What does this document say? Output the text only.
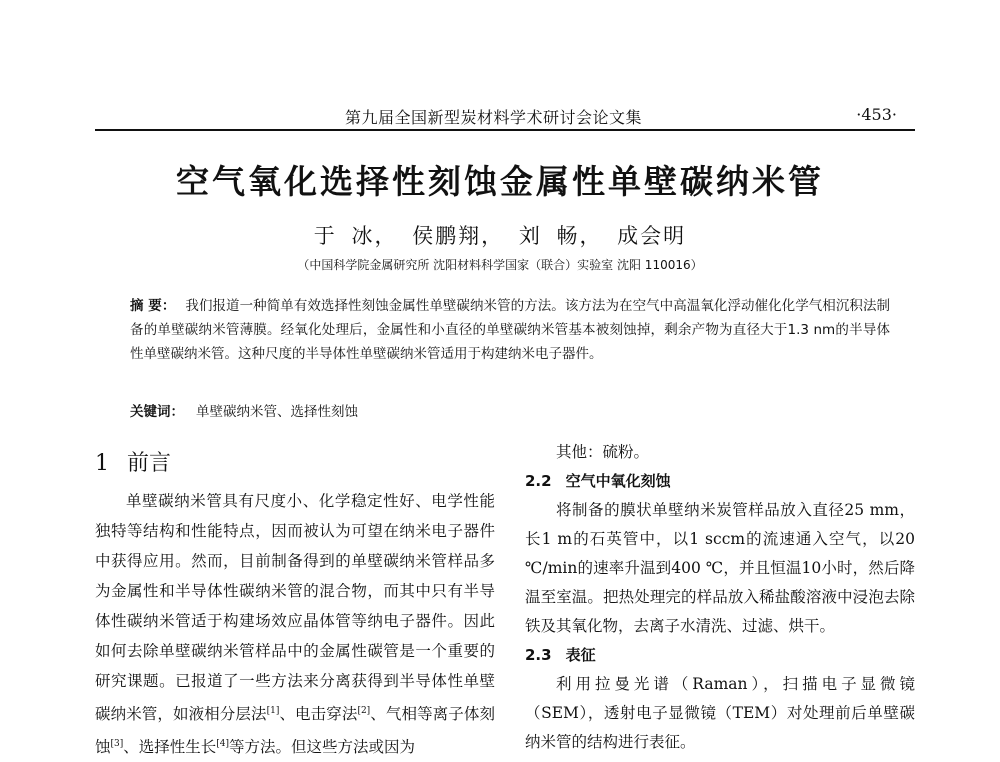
第九届全国新型炭材料学术研讨会论文集	·453·
空气氧化选择性刻蚀金属性单壁碳纳米管
于 冰， 侯鹏翔， 刘 畅， 成会明
（中国科学院金属研究所 沈阳材料科学国家（联合）实验室 沈阳 110016）
摘 要： 我们报道一种简单有效选择性刻蚀金属性单壁碳纳米管的方法。该方法为在空气中高温氧化浮动催化化学气相沉积法制备的单壁碳纳米管薄膜。经氧化处理后，金属性和小直径的单壁碳纳米管基本被刻蚀掉，剩余产物为直径大于1.3 nm的半导体性单壁碳纳米管。这种尺度的半导体性单壁碳纳米管适用于构建纳米电子器件。
关键词： 单壁碳纳米管、选择性刻蚀
1 前言

单壁碳纳米管具有尺度小、化学稳定性好、电学性能独特等结构和性能特点，因而被认为可望在纳米电子器件中获得应用。然而，目前制备得到的单壁碳纳米管样品多为金属性和半导体性碳纳米管的混合物，而其中只有半导体性碳纳米管适于构建场效应晶体管等纳电子器件。因此如何去除单壁碳纳米管样品中的金属性碳管是一个重要的研究课题。已报道了一些方法来分离获得到半导体性单壁碳纳米管，如液相分层法[1]、电击穿法[2]、气相等离子体刻蚀[3]、选择性生长[4]等方法。但这些方法或因为

其他：硫粉。
2.2 空气中氧化刻蚀
将制备的膜状单壁纳米炭管样品放入直径25 mm，长1 m的石英管中，以1 sccm的流速通入空气，以20 ℃/min的速率升温到400 ℃，并且恒温10小时，然后降温至室温。把热处理完的样品放入稀盐酸溶液中浸泡去除铁及其氧化物，去离子水清洗、过滤、烘干。
2.3 表征
利用拉曼光谱（Raman），扫描电子显微镜（SEM），透射电子显微镜（TEM）对处理前后单壁碳纳米管的结构进行表征。
